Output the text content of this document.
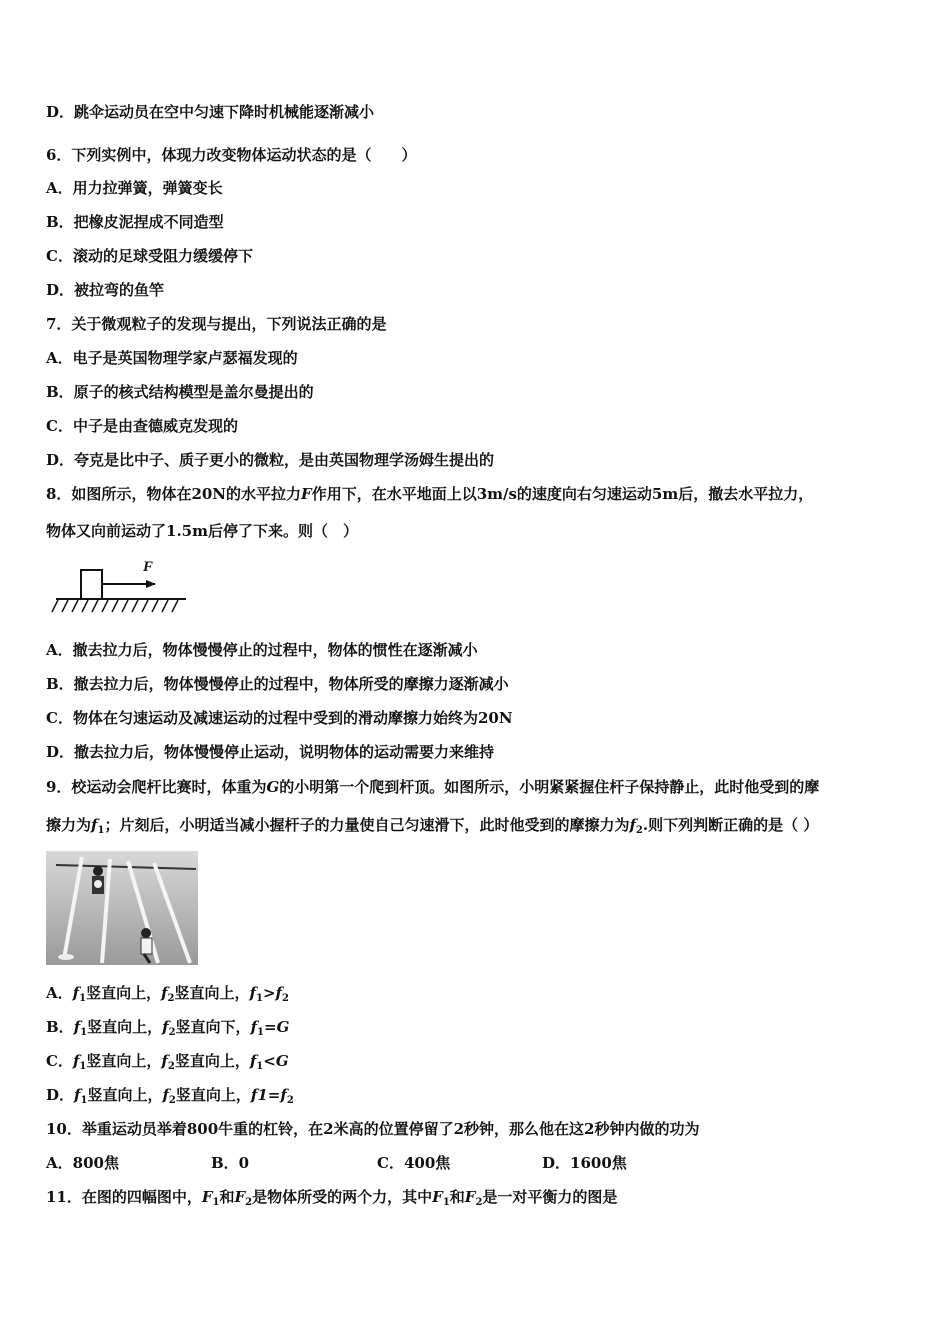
D．跳伞运动员在空中匀速下降时机械能逐渐减小
6．下列实例中，体现力改变物体运动状态的是（　　）
A．用力拉弹簧，弹簧变长
B．把橡皮泥捏成不同造型
C．滚动的足球受阻力缓缓停下
D．被拉弯的鱼竿
7．关于微观粒子的发现与提出，下列说法正确的是
A．电子是英国物理学家卢瑟福发现的
B．原子的核式结构模型是盖尔曼提出的
C．中子是由查德威克发现的
D．夸克是比中子、质子更小的微粒，是由英国物理学汤姆生提出的
8．如图所示，物体在20N的水平拉力F作用下，在水平地面上以3m/s的速度向右匀速运动5m后，撤去水平拉力，
物体又向前运动了1.5m后停了下来。则（　）
F
A．撤去拉力后，物体慢慢停止的过程中，物体的惯性在逐渐减小
B．撤去拉力后，物体慢慢停止的过程中，物体所受的摩擦力逐渐减小
C．物体在匀速运动及减速运动的过程中受到的滑动摩擦力始终为20N
D．撤去拉力后，物体慢慢停止运动，说明物体的运动需要力来维持
9．校运动会爬杆比赛时，体重为G的小明第一个爬到杆顶。如图所示，小明紧紧握住杆子保持静止，此时他受到的摩
擦力为$f_1$；片刻后，小明适当减小握杆子的力量使自己匀速滑下，此时他受到的摩擦力为$f_2$.则下列判断正确的是（ ）
A．$f_1$竖直向上，$f_2$竖直向上，$f_1>f_2$
B．$f_1$竖直向上，$f_2$竖直向下，$f_1=G$
C．$f_1$竖直向上，$f_2$竖直向上，$f_1<G$
D．$f_1$竖直向上，$f_2$竖直向上，$f1=f_2$
10．举重运动员举着800牛重的杠铃，在2米高的位置停留了2秒钟，那么他在这2秒钟内做的功为
A．800焦	B．0	C．400焦	D．1600焦
11．在图的四幅图中，$F_1$和$F_2$是物体所受的两个力，其中$F_1$和$F_2$是一对平衡力的图是
